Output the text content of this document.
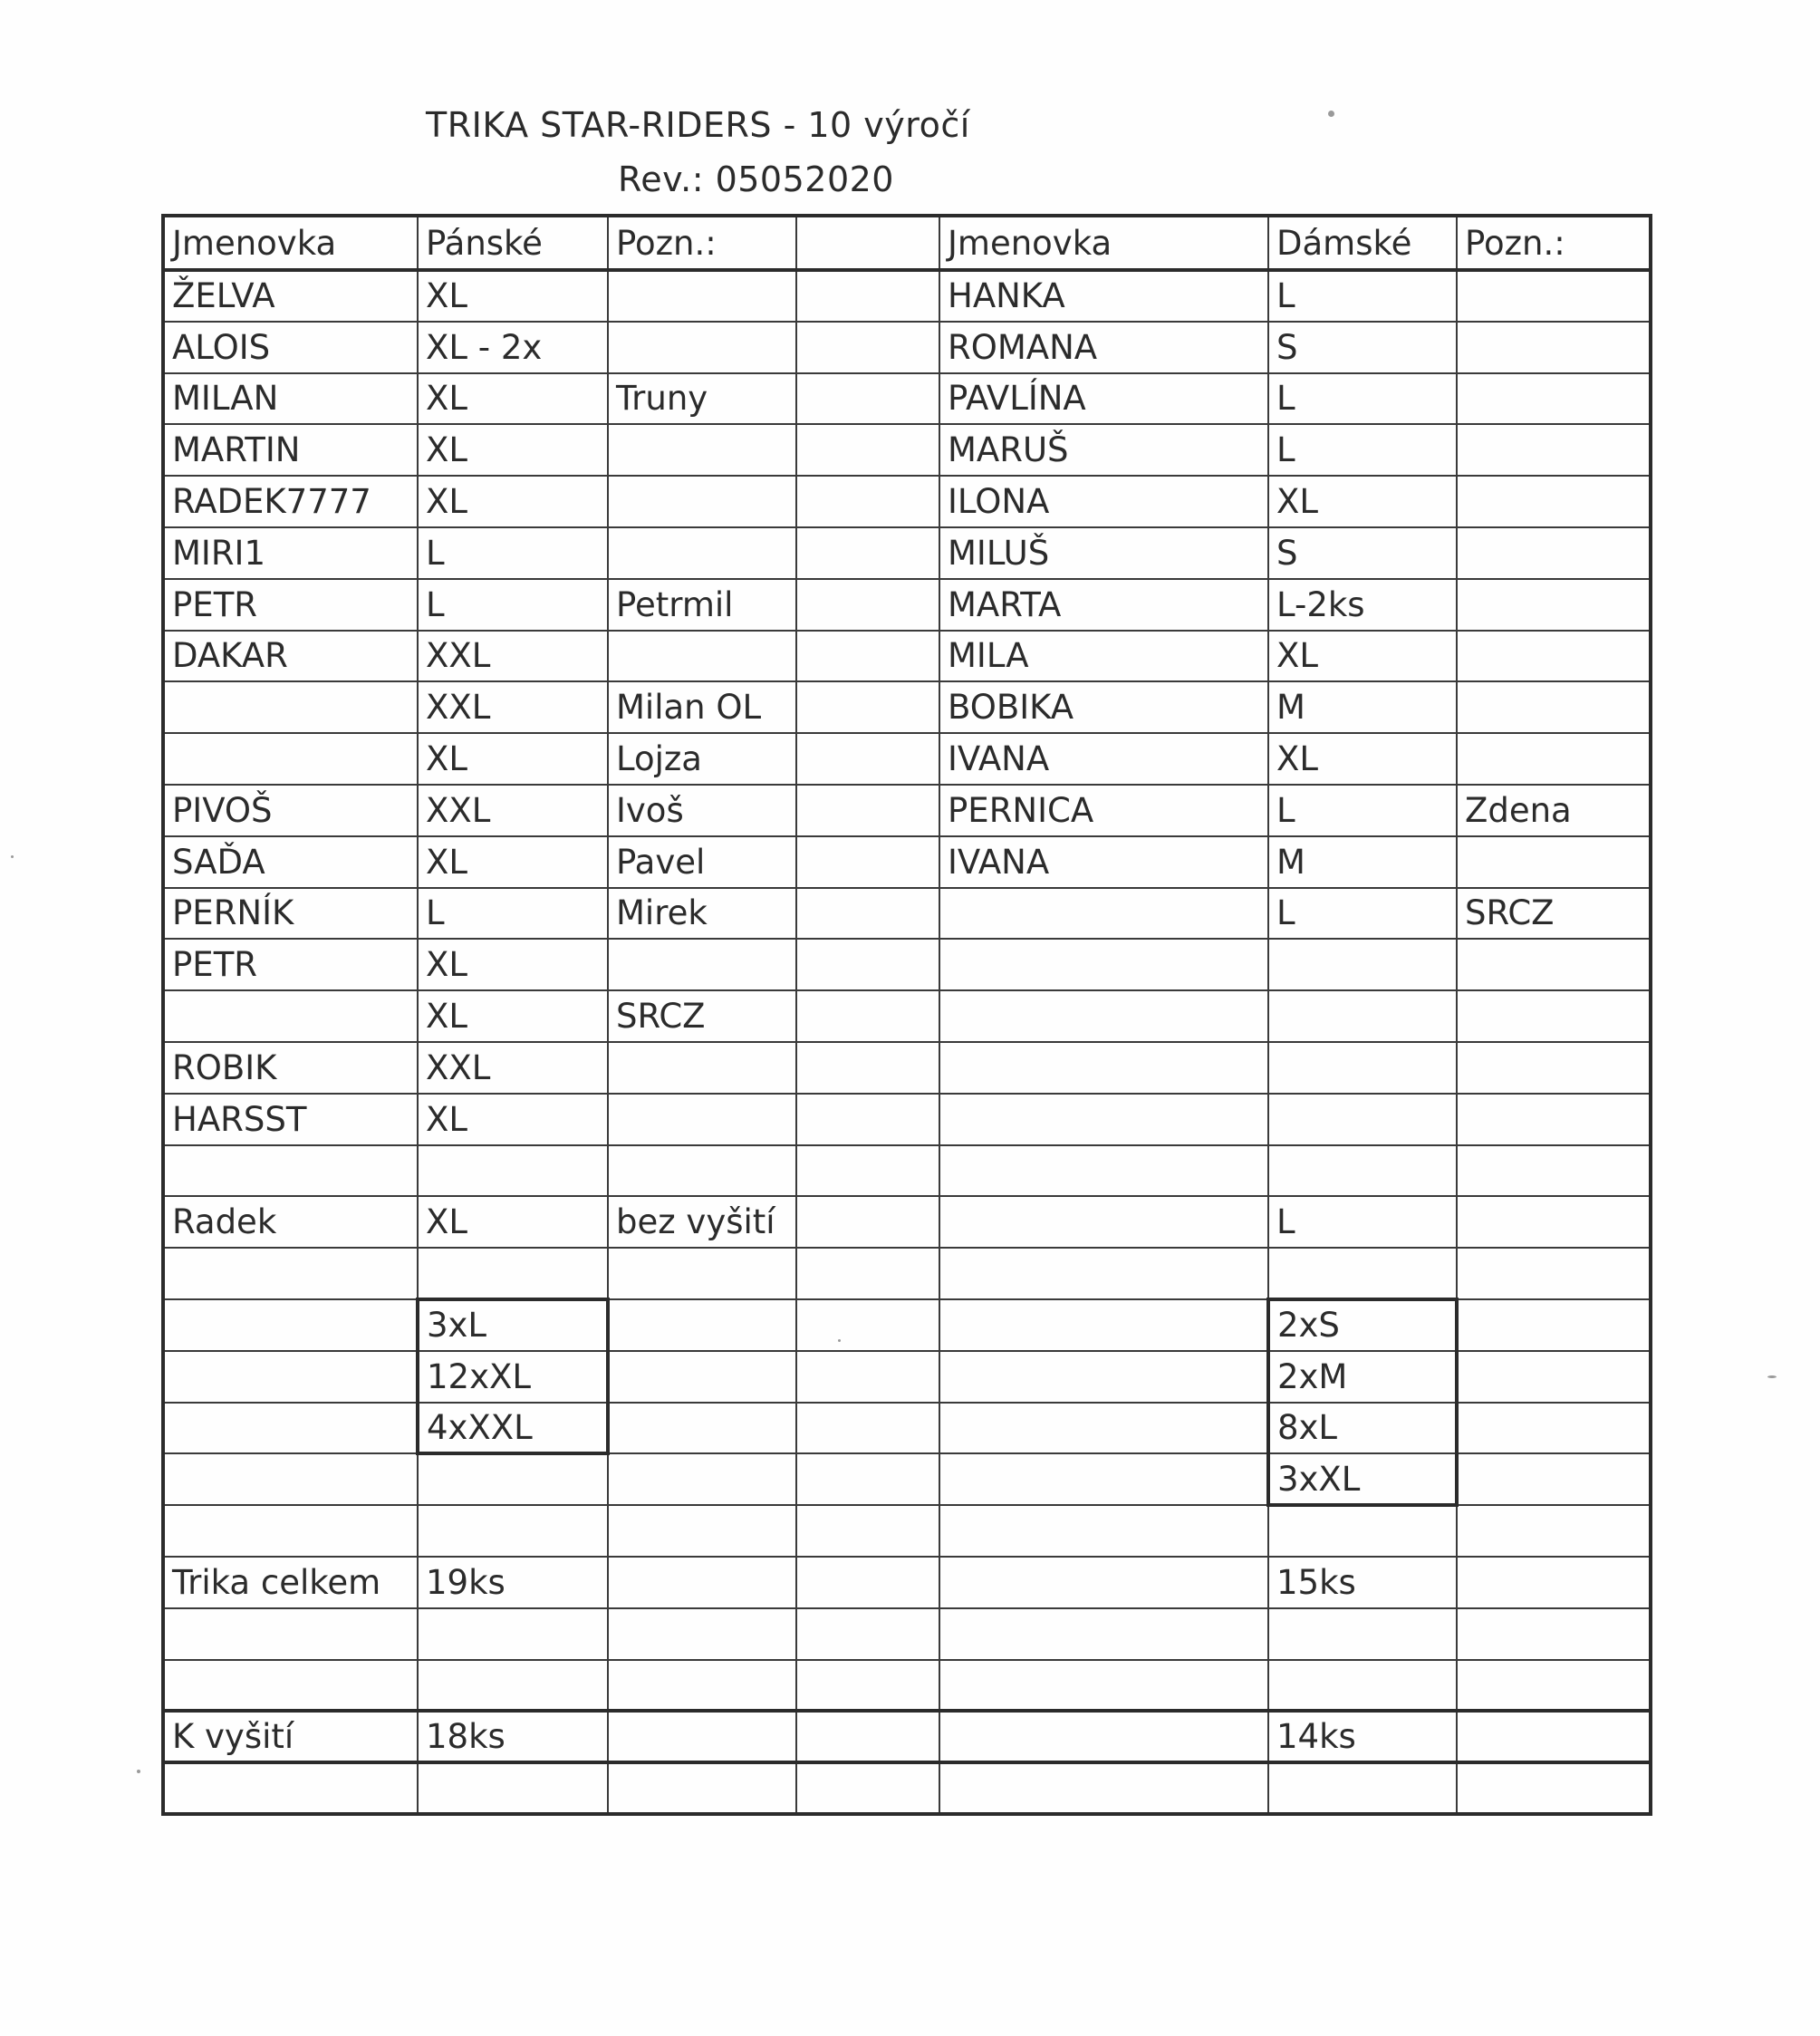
TRIKA STAR-RIDERS - 10 výročí
Rev.: 05052020
Jmenovka	Pánské	Pozn.:		Jmenovka	Dámské	Pozn.:
ŽELVA	XL			HANKA	L	
ALOIS	XL - 2x			ROMANA	S	
MILAN	XL	Truny		PAVLÍNA	L	
MARTIN	XL			MARUŠ	L	
RADEK7777	XL			ILONA	XL	
MIRI1	L			MILUŠ	S	
PETR	L	Petrmil		MARTA	L-2ks	
DAKAR	XXL			MILA	XL	
	XXL	Milan OL		BOBIKA	M	
	XL	Lojza		IVANA	XL	
PIVOŠ	XXL	Ivoš		PERNICA	L	Zdena
SAĎA	XL	Pavel		IVANA	M	
PERNÍK	L	Mirek			L	SRCZ
PETR	XL					
	XL	SRCZ				
ROBIK	XXL					
HARSST	XL					

Radek	XL	bez vyšití			L	

	3xL				2xS	
	12xXL				2xM	
	4xXXL				8xL	
					3xXL	

Trika celkem	19ks				15ks	

K vyšití	18ks				14ks	
